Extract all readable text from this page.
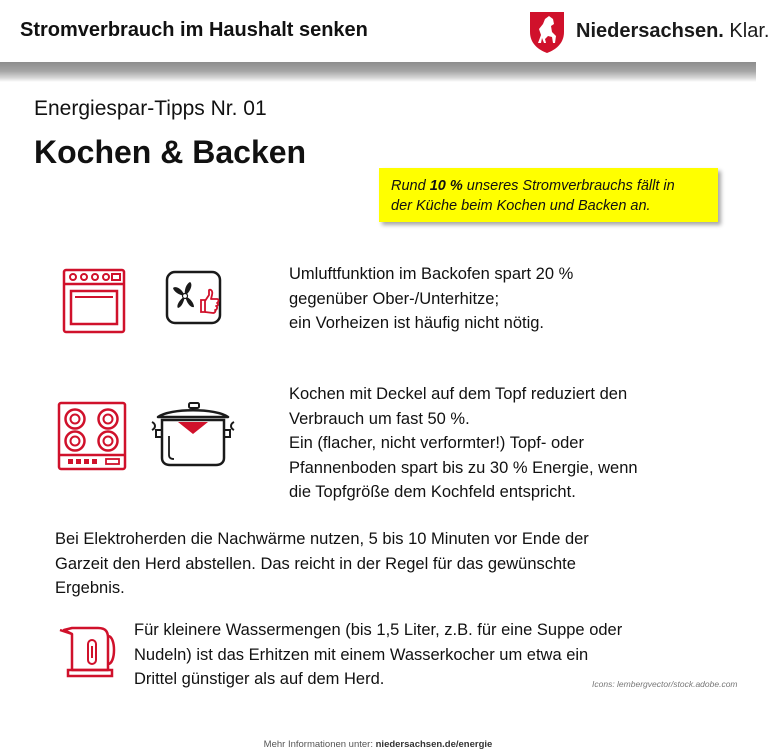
Stromverbrauch im Haushalt senken	Niedersachsen. Klar.
Energiespar-Tipps Nr. 01
Kochen & Backen
Rund 10 % unseres Stromverbrauchs fällt in
der Küche beim Kochen und Backen an.
Umluftfunktion im Backofen spart 20 %
gegenüber Ober-/Unterhitze;
ein Vorheizen ist häufig nicht nötig.
Kochen mit Deckel auf dem Topf reduziert den
Verbrauch um fast 50 %.
Ein (flacher, nicht verformter!) Topf- oder
Pfannenboden spart bis zu 30 % Energie, wenn
die Topfgröße dem Kochfeld entspricht.
Bei Elektroherden die Nachwärme nutzen, 5 bis 10 Minuten vor Ende der
Garzeit den Herd abstellen. Das reicht in der Regel für das gewünschte
Ergebnis.
Für kleinere Wassermengen (bis 1,5 Liter, z.B. für eine Suppe oder
Nudeln) ist das Erhitzen mit einem Wasserkocher um etwa ein
Drittel günstiger als auf dem Herd.	Icons: lembergvector/stock.adobe.com
Mehr Informationen unter: niedersachsen.de/energie
